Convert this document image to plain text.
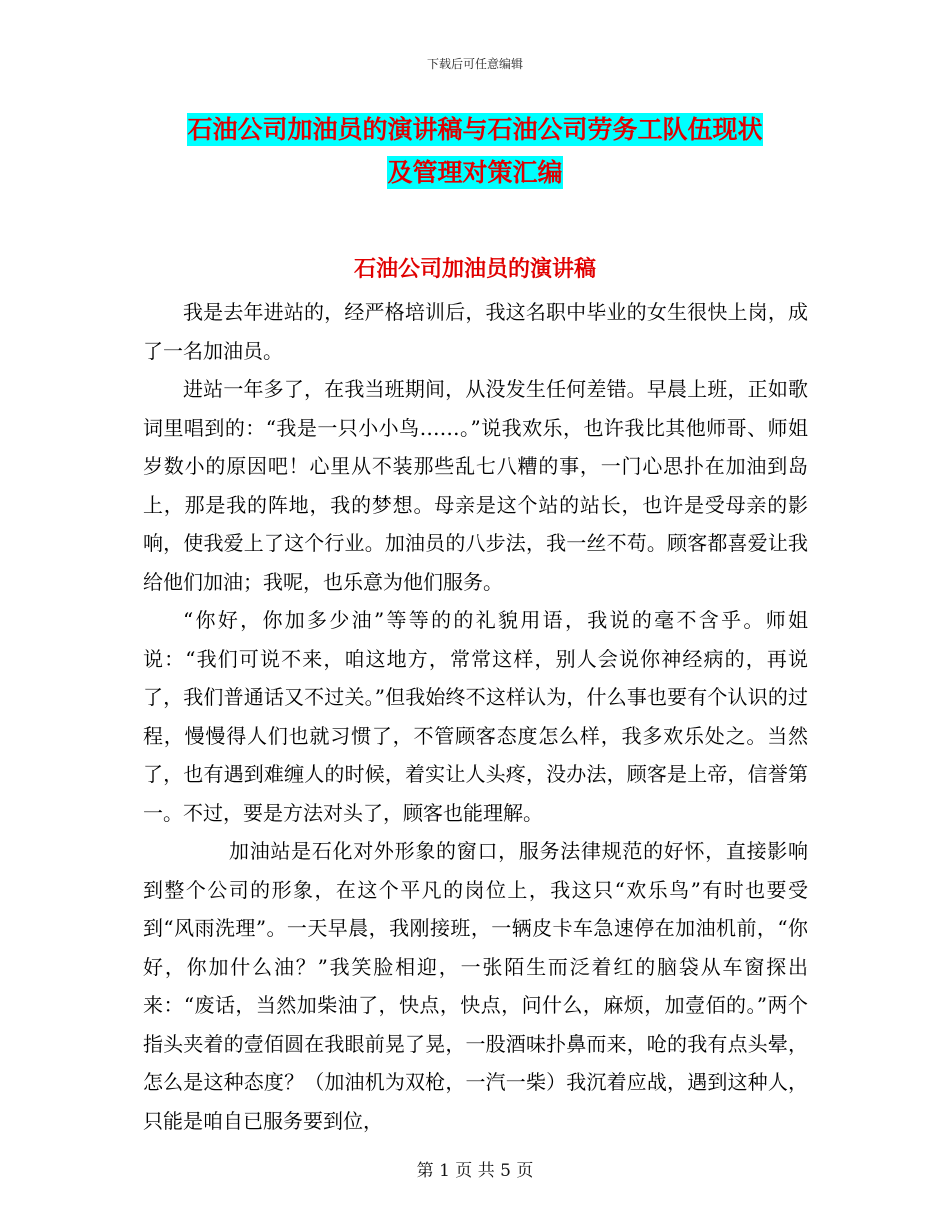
下载后可任意编辑
石油公司加油员的演讲稿与石油公司劳务工队伍现状
及管理对策汇编
石油公司加油员的演讲稿

我是去年进站的，经严格培训后，我这名职中毕业的女生很快上岗，成了一名加油员。

进站一年多了，在我当班期间，从没发生任何差错。早晨上班，正如歌词里唱到的：“我是一只小小鸟……。”说我欢乐，也许我比其他师哥、师姐岁数小的原因吧！心里从不装那些乱七八糟的事，一门心思扑在加油到岛上，那是我的阵地，我的梦想。母亲是这个站的站长，也许是受母亲的影响，使我爱上了这个行业。加油员的八步法，我一丝不苟。顾客都喜爱让我给他们加油；我呢，也乐意为他们服务。

“你好，你加多少油”等等的的礼貌用语，我说的毫不含乎。师姐说：“我们可说不来，咱这地方，常常这样，别人会说你神经病的，再说了，我们普通话又不过关。”但我始终不这样认为，什么事也要有个认识的过程，慢慢得人们也就习惯了，不管顾客态度怎么样，我多欢乐处之。当然了，也有遇到难缠人的时候，着实让人头疼，没办法，顾客是上帝，信誉第一。不过，要是方法对头了，顾客也能理解。

加油站是石化对外形象的窗口，服务法律规范的好怀，直接影响到整个公司的形象，在这个平凡的岗位上，我这只“欢乐鸟”有时也要受到“风雨洗理”。一天早晨，我刚接班，一辆皮卡车急速停在加油机前，“你好，你加什么油？”我笑脸相迎，一张陌生而泛着红的脑袋从车窗探出来：“废话，当然加柴油了，快点，快点，问什么，麻烦，加壹佰的。”两个指头夹着的壹佰圆在我眼前晃了晃，一股酒味扑鼻而来，呛的我有点头晕，怎么是这种态度？（加油机为双枪，一汽一柴）我沉着应战，遇到这种人，只能是咱自已服务要到位，

第 1 页 共 5 页
